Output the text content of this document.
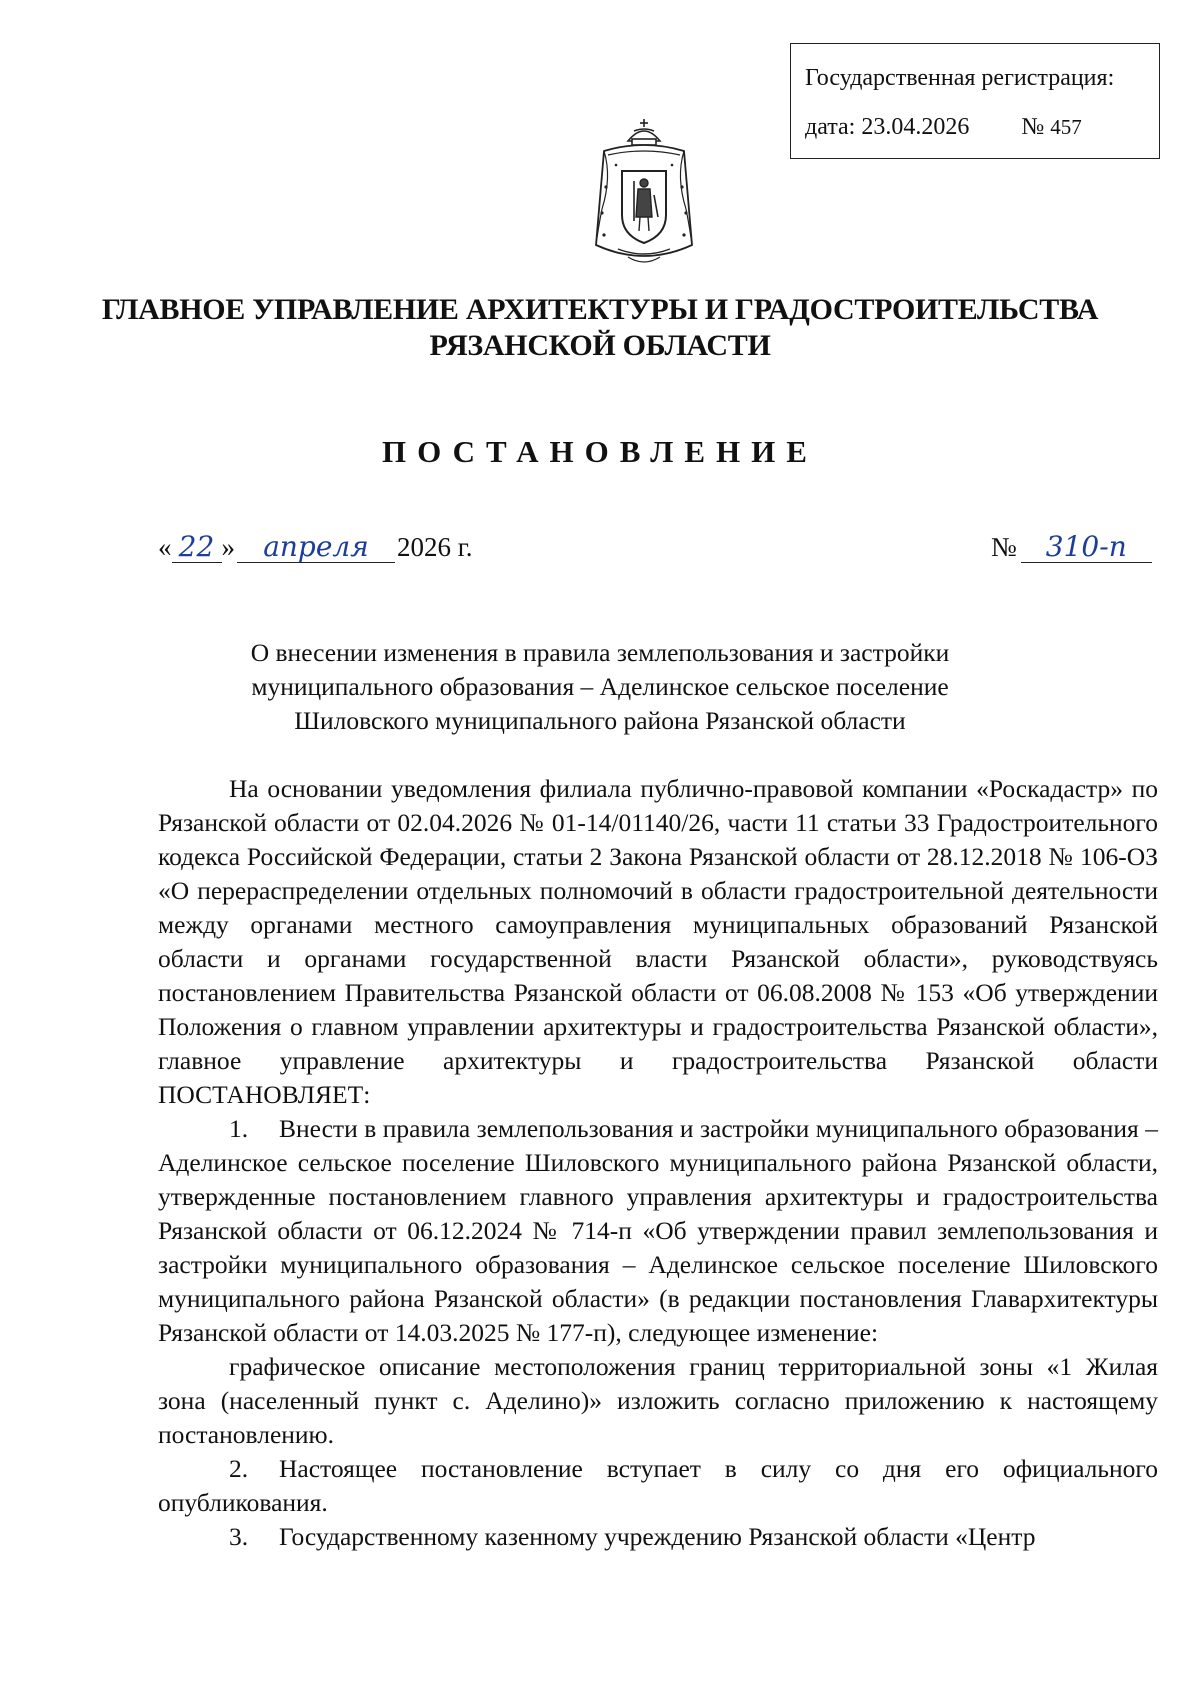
Государственная регистрация:
дата: 23.04.2026 № 457
ГЛАВНОЕ УПРАВЛЕНИЕ АРХИТЕКТУРЫ И ГРАДОСТРОИТЕЛЬСТВА
РЯЗАНСКОЙ ОБЛАСТИ
ПОСТАНОВЛЕНИЕ
« 22 » апреля 2026 г.	№ 310-п
О внесении изменения в правила землепользования и застройки
муниципального образования – Аделинское сельское поселение
Шиловского муниципального района Рязанской области

На основании уведомления филиала публично-правовой компании «Роскадастр» по Рязанской области от 02.04.2026 № 01-14/01140/26, части 11 статьи 33 Градостроительного кодекса Российской Федерации, статьи 2 Закона Рязанской области от 28.12.2018 № 106-ОЗ «О перераспределении отдельных полномочий в области градостроительной деятельности между органами местного самоуправления муниципальных образований Рязанской области и органами государственной власти Рязанской области», руководствуясь постановлением Правительства Рязанской области от 06.08.2008 № 153 «Об утверждении Положения о главном управлении архитектуры и градостроительства Рязанской области», главное управление архитектуры и градостроительства Рязанской области ПОСТАНОВЛЯЕТ:

1. Внести в правила землепользования и застройки муниципального образования – Аделинское сельское поселение Шиловского муниципального района Рязанской области, утвержденные постановлением главного управления архитектуры и градостроительства Рязанской области от 06.12.2024 № 714-п «Об утверждении правил землепользования и застройки муниципального образования – Аделинское сельское поселение Шиловского муниципального района Рязанской области» (в редакции постановления Главархитектуры Рязанской области от 14.03.2025 № 177-п), следующее изменение:

графическое описание местоположения границ территориальной зоны «1 Жилая зона (населенный пункт с. Аделино)» изложить согласно приложению к настоящему постановлению.

2. Настоящее постановление вступает в силу со дня его официального опубликования.

3. Государственному казенному учреждению Рязанской области «Центр
